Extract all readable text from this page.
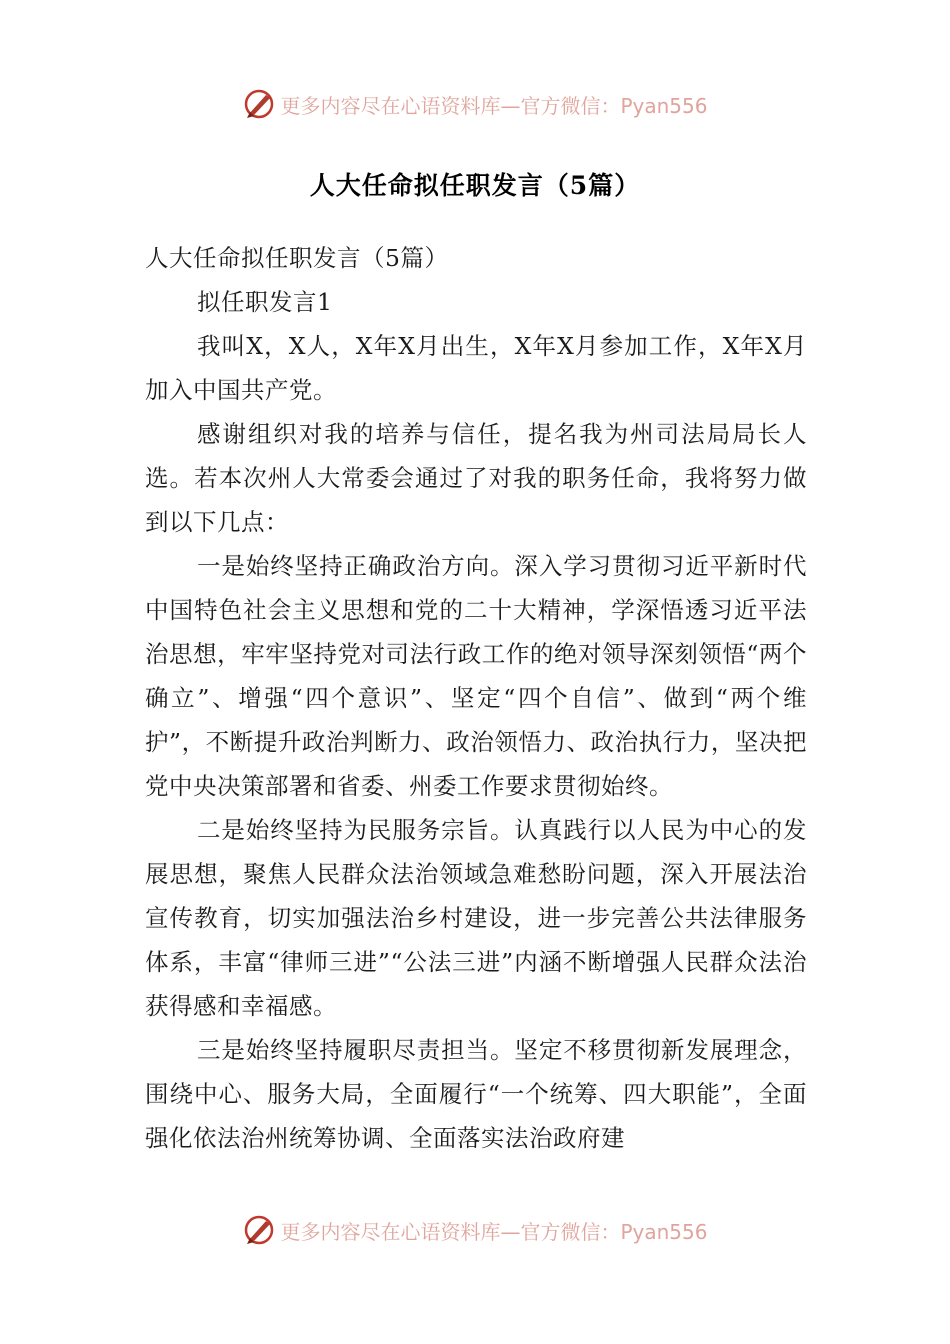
更多内容尽在心语资料库—官方微信：Pyan556
人大任命拟任职发言（5篇）

人大任命拟任职发言（5篇）

拟任职发言1

我叫X，X人，X年X月出生，X年X月参加工作，X年X月加入中国共产党。

感谢组织对我的培养与信任，提名我为州司法局局长人选。若本次州人大常委会通过了对我的职务任命，我将努力做到以下几点：

一是始终坚持正确政治方向。深入学习贯彻习近平新时代中国特色社会主义思想和党的二十大精神，学深悟透习近平法治思想，牢牢坚持党对司法行政工作的绝对领导深刻领悟“两个确立”、增强“四个意识”、坚定“四个自信”、做到“两个维护”，不断提升政治判断力、政治领悟力、政治执行力，坚决把党中央决策部署和省委、州委工作要求贯彻始终。

二是始终坚持为民服务宗旨。认真践行以人民为中心的发展思想，聚焦人民群众法治领域急难愁盼问题，深入开展法治宣传教育，切实加强法治乡村建设，进一步完善公共法律服务体系，丰富“律师三进”“公法三进”内涵不断增强人民群众法治获得感和幸福感。

三是始终坚持履职尽责担当。坚定不移贯彻新发展理念，围绕中心、服务大局，全面履行“一个统筹、四大职能”，全面强化依法治州统筹协调、全面落实法治政府建

更多内容尽在心语资料库—官方微信：Pyan556
